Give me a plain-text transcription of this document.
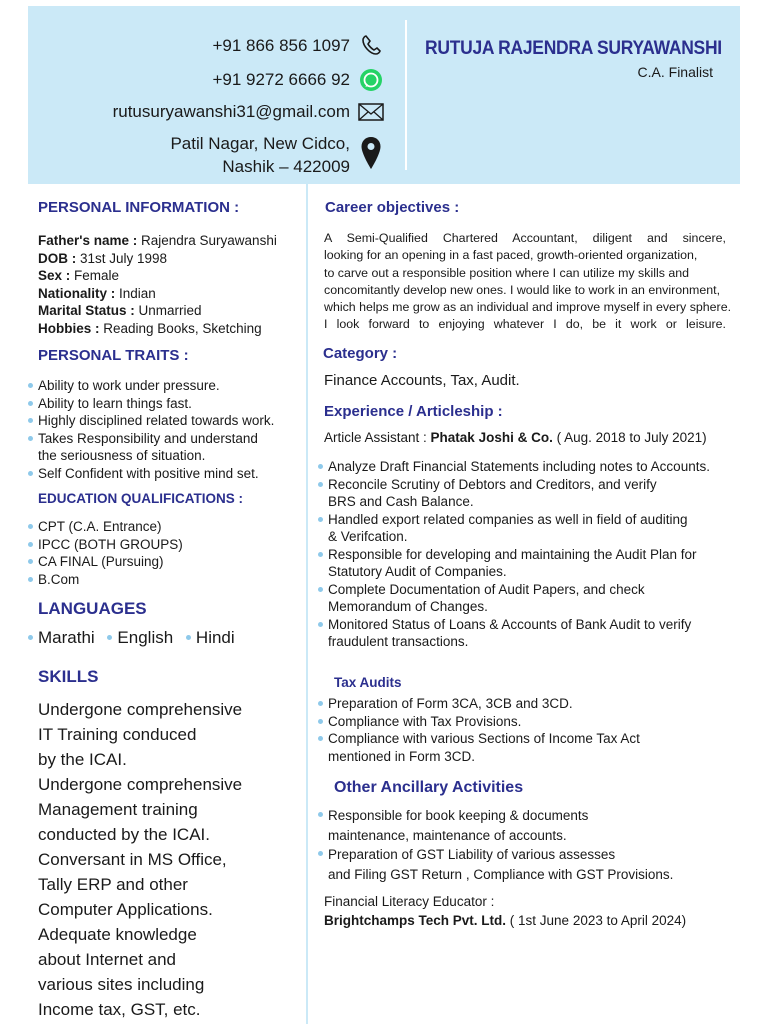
+91 866 856 1097
+91 9272 6666 92
rutusuryawanshi31@gmail.com
Patil Nagar, New Cidco,
Nashik – 422009
RUTUJA RAJENDRA SURYAWANSHI
C.A. Finalist
PERSONAL INFORMATION :
Father's name : Rajendra Suryawanshi
DOB : 31st July 1998
Sex : Female
Nationality : Indian
Marital Status : Unmarried
Hobbies : Reading Books, Sketching
PERSONAL TRAITS :
Ability to work under pressure.
Ability to learn things fast.
Highly disciplined related towards work.
Takes Responsibility and understand
the seriousness of situation.
Self Confident with positive mind set.
EDUCATION QUALIFICATIONS :
CPT (C.A. Entrance)
IPCC (BOTH GROUPS)
CA FINAL (Pursuing)
B.Com
LANGUAGES
Marathi English Hindi
SKILLS
Undergone comprehensive
IT Training conduced
by the ICAI.
Undergone comprehensive
Management training
conducted by the ICAI.
Conversant in MS Office,
Tally ERP and other
Computer Applications.
Adequate knowledge
about Internet and
various sites including
Income tax, GST, etc.
Career objectives :
A Semi-Qualified Chartered Accountant, diligent and sincere,
looking for an opening in a fast paced, growth-oriented organization,
to carve out a responsible position where I can utilize my skills and
concomitantly develop new ones. I would like to work in an environment,
which helps me grow as an individual and improve myself in every sphere.
I look forward to enjoying whatever I do, be it work or leisure.
Category :
Finance Accounts, Tax, Audit.
Experience / Articleship :
Article Assistant : Phatak Joshi & Co. ( Aug. 2018 to July 2021)
Analyze Draft Financial Statements including notes to Accounts.
Reconcile Scrutiny of Debtors and Creditors, and verify
BRS and Cash Balance.
Handled export related companies as well in field of auditing
& Verifcation.
Responsible for developing and maintaining the Audit Plan for
Statutory Audit of Companies.
Complete Documentation of Audit Papers, and check
Memorandum of Changes.
Monitored Status of Loans & Accounts of Bank Audit to verify
fraudulent transactions.
Tax Audits
Preparation of Form 3CA, 3CB and 3CD.
Compliance with Tax Provisions.
Compliance with various Sections of Income Tax Act
mentioned in Form 3CD.
Other Ancillary Activities
Responsible for book keeping & documents
maintenance, maintenance of accounts.
Preparation of GST Liability of various assesses
and Filing GST Return , Compliance with GST Provisions.
Financial Literacy Educator :
Brightchamps Tech Pvt. Ltd. ( 1st June 2023 to April 2024)
